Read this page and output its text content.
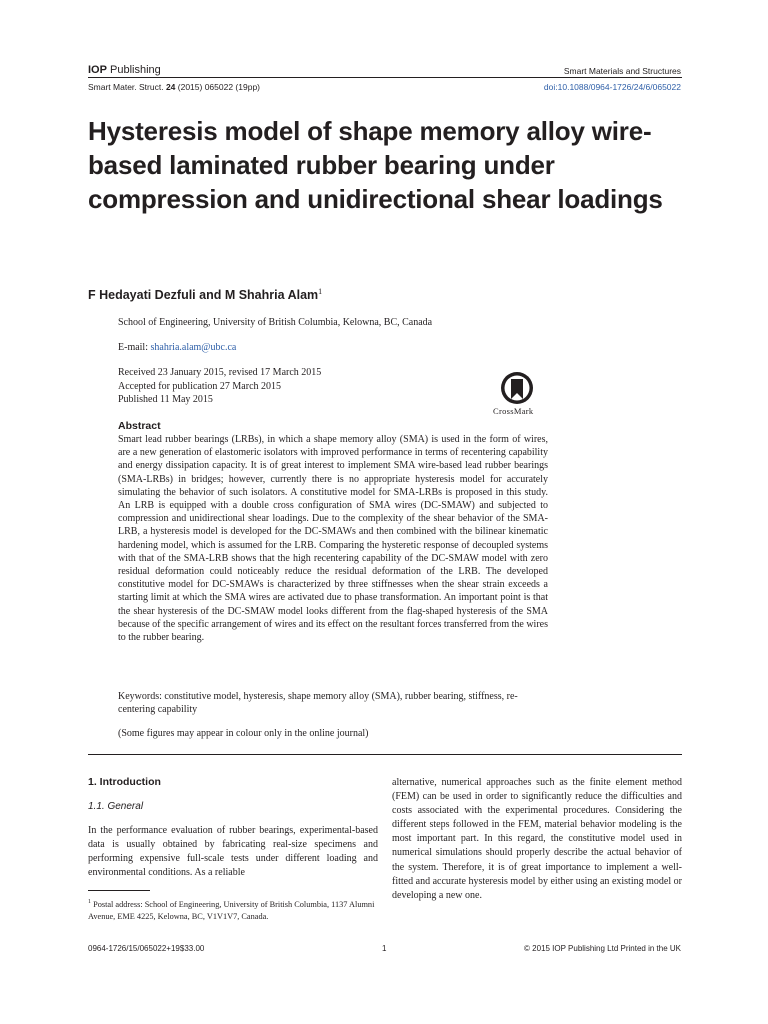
IOP Publishing	Smart Materials and Structures
Smart Mater. Struct. 24 (2015) 065022 (19pp)	doi:10.1088/0964-1726/24/6/065022
Hysteresis model of shape memory alloy wire-based laminated rubber bearing under compression and unidirectional shear loadings
F Hedayati Dezfuli and M Shahria Alam$^1$
School of Engineering, University of British Columbia, Kelowna, BC, Canada
E-mail: shahria.alam@ubc.ca
Received 23 January 2015, revised 17 March 2015
Accepted for publication 27 March 2015
Published 11 May 2015
CrossMark
Abstract
Smart lead rubber bearings (LRBs), in which a shape memory alloy (SMA) is used in the form of wires, are a new generation of elastomeric isolators with improved performance in terms of recentering capability and energy dissipation capacity. It is of great interest to implement SMA wire-based lead rubber bearings (SMA-LRBs) in bridges; however, currently there is no appropriate hysteresis model for accurately simulating the behavior of such isolators. A constitutive model for SMA-LRBs is proposed in this study. An LRB is equipped with a double cross configuration of SMA wires (DC-SMAW) and subjected to compression and unidirectional shear loadings. Due to the complexity of the shear behavior of the SMA-LRB, a hysteresis model is developed for the DC-SMAWs and then combined with the bilinear kinematic hardening model, which is assumed for the LRB. Comparing the hysteretic response of decoupled systems with that of the SMA-LRB shows that the high recentering capability of the DC-SMAW model with zero residual deformation could noticeably reduce the residual deformation of the LRB. The developed constitutive model for DC-SMAWs is characterized by three stiffnesses when the shear strain exceeds a starting limit at which the SMA wires are activated due to phase transformation. An important point is that the shear hysteresis of the DC-SMAW model looks different from the flag-shaped hysteresis of the SMA because of the specific arrangement of wires and its effect on the resultant forces transferred from the wires to the rubber bearing.
Keywords: constitutive model, hysteresis, shape memory alloy (SMA), rubber bearing, stiffness, re-centering capability
(Some figures may appear in colour only in the online journal)
1. Introduction
1.1. General

In the performance evaluation of rubber bearings, experimental-based data is usually obtained by fabricating real-size specimens and performing expensive full-scale tests under different loading and environmental conditions. As a reliable

$^1$ Postal address: School of Engineering, University of British Columbia, 1137 Alumni Avenue, EME 4225, Kelowna, BC, V1V1V7, Canada.

alternative, numerical approaches such as the finite element method (FEM) can be used in order to significantly reduce the difficulties and costs associated with the experimental procedures. Considering the different steps followed in the FEM, material behavior modeling is the most important part. In this regard, the constitutive model used in numerical simulations should properly describe the actual behavior of the system. Therefore, it is of great importance to implement a well-fitted and accurate hysteresis model by either using an existing model or developing a new one.

0964-1726/15/065022+19$33.00	1	© 2015 IOP Publishing Ltd Printed in the UK
